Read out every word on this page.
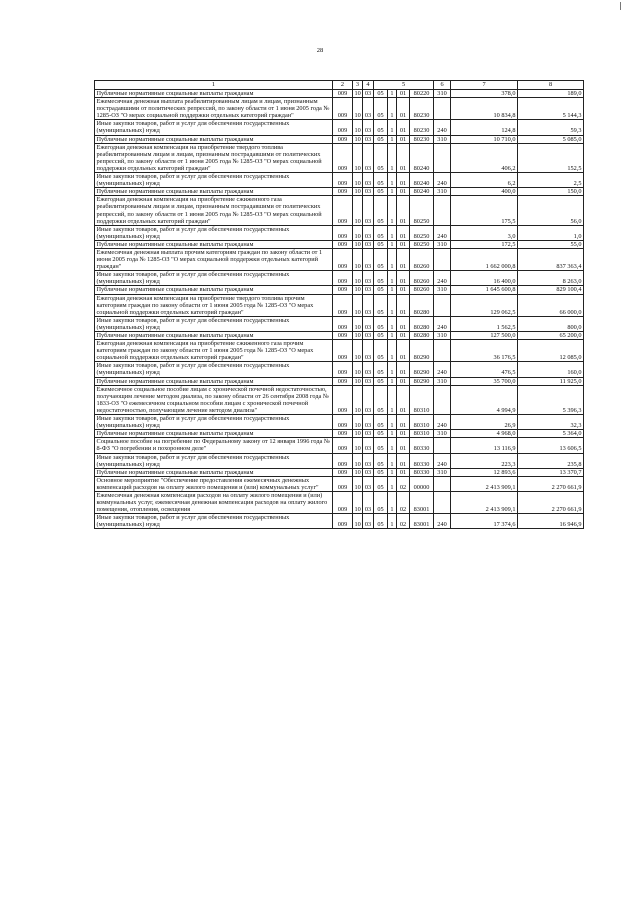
28
1	2	3	4	5				6	7	8
Публичные нормативные социальные выплаты гражданам	009	10	03	05	1	01	80220	310	378,0	189,0
Ежемесячная денежная выплата реабилитированным лицам и лицам, признанным пострадавшими от политических репрессий, по закону области от 1 июня 2005 года № 1285-ОЗ "О мерах социальной поддержки отдельных категорий граждан"	009	10	03	05	1	01	80230		10 834,8	5 144,3
Иные закупки товаров, работ и услуг для обеспечения государственных (муниципальных) нужд	009	10	03	05	1	01	80230	240	124,8	59,3
Публичные нормативные социальные выплаты гражданам	009	10	03	05	1	01	80230	310	10 710,0	5 085,0
Ежегодная денежная компенсация на приобретение твердого топлива реабилитированным лицам и лицам, признанным пострадавшими от политических репрессий, по закону области от 1 июня 2005 года № 1285-ОЗ "О мерах социальной поддержки отдельных категорий граждан"	009	10	03	05	1	01	80240		406,2	152,5
Иные закупки товаров, работ и услуг для обеспечения государственных (муниципальных) нужд	009	10	03	05	1	01	80240	240	6,2	2,5
Публичные нормативные социальные выплаты гражданам	009	10	03	05	1	01	80240	310	400,0	150,0
Ежегодная денежная компенсация на приобретение сжиженного газа реабилитированным лицам и лицам, признанным пострадавшими от политических репрессий, по закону области от 1 июня 2005 года № 1285-ОЗ "О мерах социальной поддержки отдельных категорий граждан"	009	10	03	05	1	01	80250		175,5	56,0
Иные закупки товаров, работ и услуг для обеспечения государственных (муниципальных) нужд	009	10	03	05	1	01	80250	240	3,0	1,0
Публичные нормативные социальные выплаты гражданам	009	10	03	05	1	01	80250	310	172,5	55,0
Ежемесячная денежная выплата прочим категориям граждан по закону области от 1 июня 2005 года № 1285-ОЗ "О мерах социальной поддержки отдельных категорий граждан"	009	10	03	05	1	01	80260		1 662 000,8	837 363,4
Иные закупки товаров, работ и услуг для обеспечения государственных (муниципальных) нужд	009	10	03	05	1	01	80260	240	16 400,0	8 263,0
Публичные нормативные социальные выплаты гражданам	009	10	03	05	1	01	80260	310	1 645 600,8	829 100,4
Ежегодная денежная компенсация на приобретение твердого топлива прочим категориям граждан по закону области от 1 июня 2005 года № 1285-ОЗ "О мерах социальной поддержки отдельных категорий граждан"	009	10	03	05	1	01	80280		129 062,5	66 000,0
Иные закупки товаров, работ и услуг для обеспечения государственных (муниципальных) нужд	009	10	03	05	1	01	80280	240	1 562,5	800,0
Публичные нормативные социальные выплаты гражданам	009	10	03	05	1	01	80280	310	127 500,0	65 200,0
Ежегодная денежная компенсация на приобретение сжиженного газа прочим категориям граждан по закону области от 1 июня 2005 года № 1285-ОЗ "О мерах социальной поддержки отдельных категорий граждан"	009	10	03	05	1	01	80290		36 176,5	12 085,0
Иные закупки товаров, работ и услуг для обеспечения государственных (муниципальных) нужд	009	10	03	05	1	01	80290	240	476,5	160,0
Публичные нормативные социальные выплаты гражданам	009	10	03	05	1	01	80290	310	35 700,0	11 925,0
Ежемесячное социальное пособие лицам с хронической почечной недостаточностью, получающим лечение методом диализа, по закону области от 26 сентября 2008 года № 1833-ОЗ "О ежемесячном социальном пособии лицам с хронической почечной недостаточностью, получающим лечение методом диализа"	009	10	03	05	1	01	80310		4 994,9	5 396,3
Иные закупки товаров, работ и услуг для обеспечения государственных (муниципальных) нужд	009	10	03	05	1	01	80310	240	26,9	32,3
Публичные нормативные социальные выплаты гражданам	009	10	03	05	1	01	80310	310	4 968,0	5 364,0
Социальное пособие на погребение по Федеральному закону от 12 января 1996 года № 8-ФЗ "О погребении и похоронном деле"	009	10	03	05	1	01	80330		13 116,9	13 606,5
Иные закупки товаров, работ и услуг для обеспечения государственных (муниципальных) нужд	009	10	03	05	1	01	80330	240	223,3	235,8
Публичные нормативные социальные выплаты гражданам	009	10	03	05	1	01	80330	310	12 893,6	13 370,7
Основное мероприятие "Обеспечение предоставления ежемесячных денежных компенсаций расходов на оплату жилого помещения и (или) коммунальных услуг"	009	10	03	05	1	02	00000		2 413 909,1	2 270 661,9
Ежемесячная денежная компенсация расходов на оплату жилого помещения и (или) коммунальных услуг, ежемесячная денежная компенсация расходов на оплату жилого помещения, отопления, освещения	009	10	03	05	1	02	83001		2 413 909,1	2 270 661,9
Иные закупки товаров, работ и услуг для обеспечения государственных (муниципальных) нужд	009	10	03	05	1	02	83001	240	17 374,6	16 946,9
